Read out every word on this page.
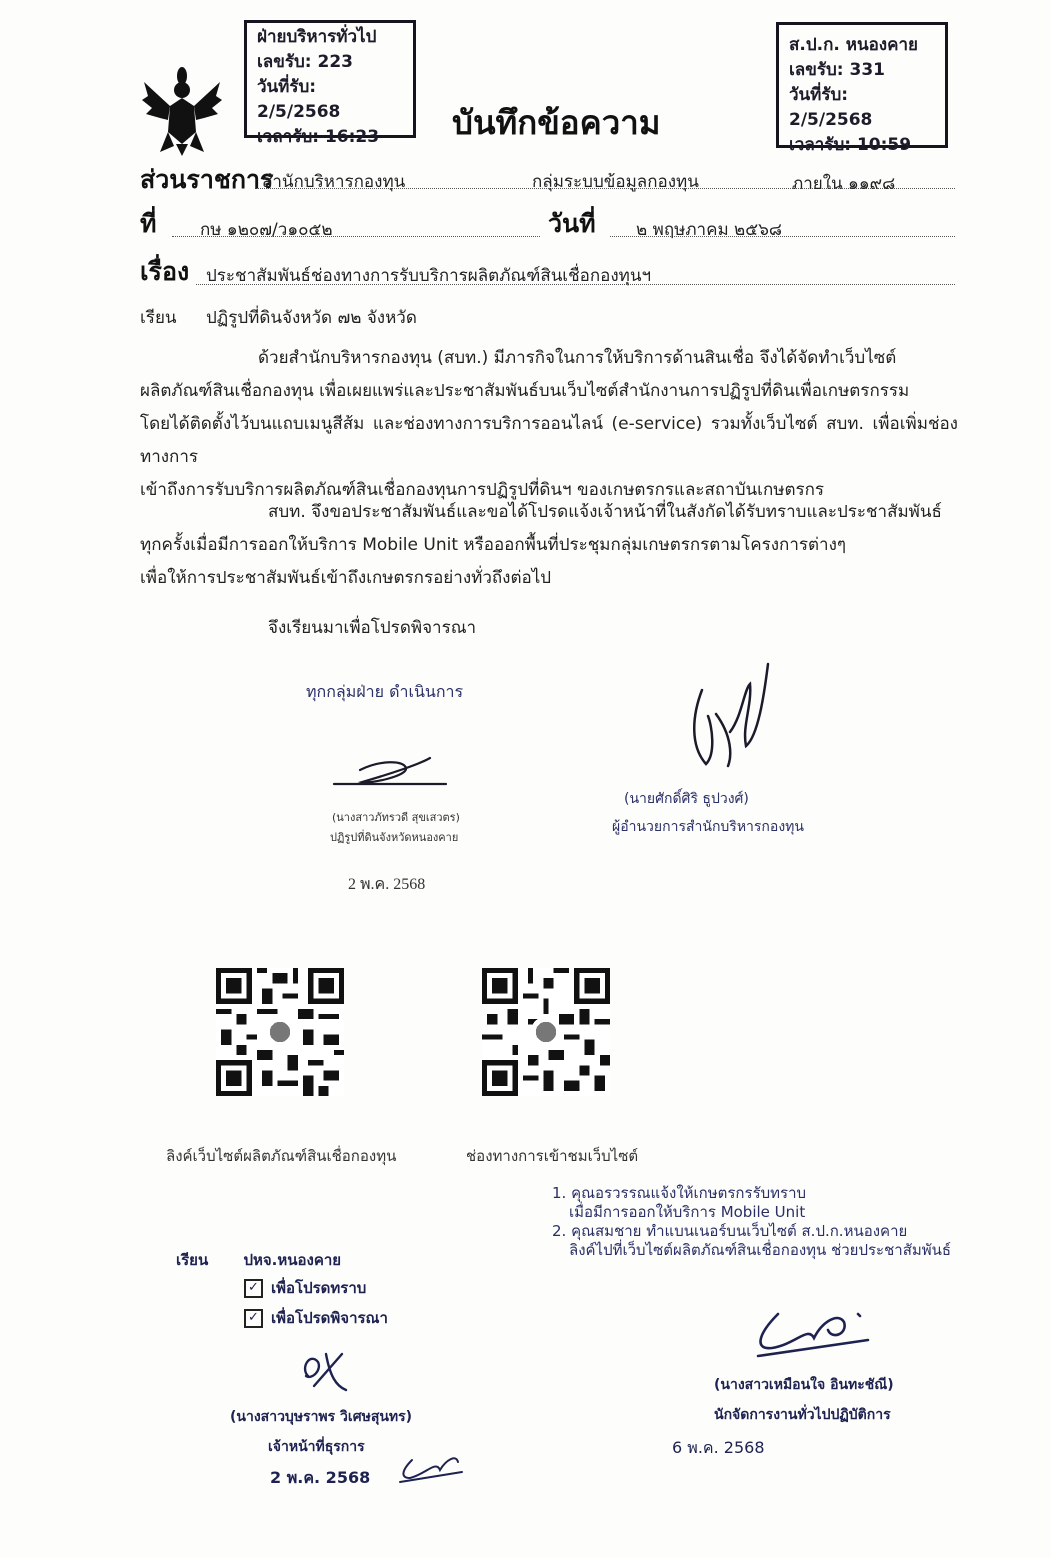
ฝ่ายบริหารทั่วไป
เลขรับ: 223
วันที่รับ: 2/5/2568
เวลารับ: 16:23	บันทึกข้อความ
ส.ป.ก. หนองคาย
เลขรับ: 331
วันที่รับ: 2/5/2568
เวลารับ: 10:59
ส่วนราชการ
สำนักบริหารกองทุน	กลุ่มระบบข้อมูลกองทุน	ภายใน ๑๑๙๘
ที่	กษ ๑๒๐๗/ว๑๐๕๒	วันที่ ๒ พฤษภาคม ๒๕๖๘
เรื่อง ประชาสัมพันธ์ช่องทางการรับบริการผลิตภัณฑ์สินเชื่อกองทุนฯ
เรียน ปฏิรูปที่ดินจังหวัด ๗๒ จังหวัด
ด้วยสำนักบริหารกองทุน (สบท.) มีภารกิจในการให้บริการด้านสินเชื่อ จึงได้จัดทำเว็บไซต์
ผลิตภัณฑ์สินเชื่อกองทุน เพื่อเผยแพร่และประชาสัมพันธ์บนเว็บไซต์สำนักงานการปฏิรูปที่ดินเพื่อเกษตรกรรม
โดยได้ติดตั้งไว้บนแถบเมนูสีส้ม และช่องทางการบริการออนไลน์ (e-service) รวมทั้งเว็บไซต์ สบท. เพื่อเพิ่มช่องทางการ
เข้าถึงการรับบริการผลิตภัณฑ์สินเชื่อกองทุนการปฏิรูปที่ดินฯ ของเกษตรกรและสถาบันเกษตรกร
สบท. จึงขอประชาสัมพันธ์และขอได้โปรดแจ้งเจ้าหน้าที่ในสังกัดได้รับทราบและประชาสัมพันธ์
ทุกครั้งเมื่อมีการออกให้บริการ Mobile Unit หรือออกพื้นที่ประชุมกลุ่มเกษตรกรตามโครงการต่างๆ
เพื่อให้การประชาสัมพันธ์เข้าถึงเกษตรกรอย่างทั่วถึงต่อไป
จึงเรียนมาเพื่อโปรดพิจารณา
ทุกกลุ่มฝ่าย ดำเนินการ
(นายศักดิ์ศิริ ธูปวงศ์)
ผู้อำนวยการสำนักบริหารกองทุน
(นางสาวภัทรวดี สุขเสวตร)
ปฏิรูปที่ดินจังหวัดหนองคาย
2 พ.ค. 2568
ลิงค์เว็บไซต์ผลิตภัณฑ์สินเชื่อกองทุน	ช่องทางการเข้าชมเว็บไซต์
1. คุณอรวรรณแจ้งให้เกษตรกรรับทราบ
เมื่อมีการออกให้บริการ Mobile Unit
2. คุณสมชาย ทำแบนเนอร์บนเว็บไซต์ ส.ป.ก.หนองคาย
ลิงค์ไปที่เว็บไซต์ผลิตภัณฑ์สินเชื่อกองทุน ช่วยประชาสัมพันธ์
เรียน ปหจ.หนองคาย
✓ เพื่อโปรดทราบ
✓ เพื่อโปรดพิจารณา
(นางสาวบุษราพร วิเศษสุนทร)
เจ้าหน้าที่ธุรการ
2 พ.ค. 2568
(นางสาวเหมือนใจ อินทะชัณี)
นักจัดการงานทั่วไปปฏิบัติการ
6 พ.ค. 2568
